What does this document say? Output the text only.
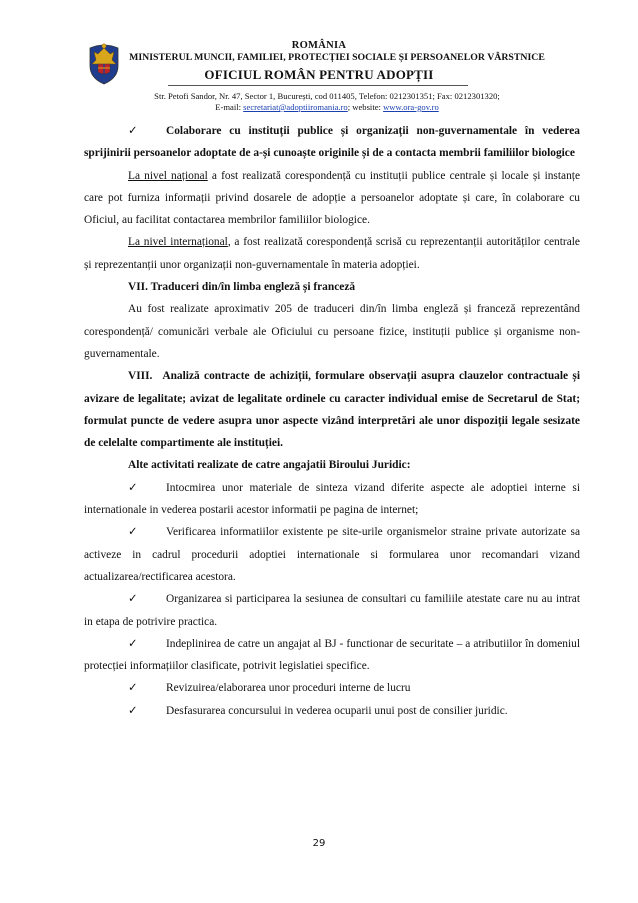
ROMÂNIA
MINISTERUL MUNCII, FAMILIEI, PROTECȚIEI SOCIALE ȘI PERSOANELOR VÂRSTNICE
OFICIUL ROMÂN PENTRU ADOPȚII
Str. Petofi Sandor, Nr. 47, Sector 1, București, cod 011405, Telefon: 0212301351; Fax: 0212301320;
E-mail: secretariat@adoptiiromania.ro; website: www.ora-gov.ro

✓ Colaborare cu instituții publice și organizații non-guvernamentale în vederea sprijinirii persoanelor adoptate de a-și cunoaște originile și de a contacta membrii familiilor biologice

La nivel național a fost realizată corespondență cu instituții publice centrale și locale și instanțe care pot furniza informații privind dosarele de adopție a persoanelor adoptate și care, în colaborare cu Oficiul, au facilitat contactarea membrilor familiilor biologice.

La nivel internațional, a fost realizată corespondență scrisă cu reprezentanții autorităților centrale și reprezentanții unor organizații non-guvernamentale în materia adopției.

VII. Traduceri din/în limba engleză și franceză

Au fost realizate aproximativ 205 de traduceri din/în limba engleză și franceză reprezentând corespondență/ comunicări verbale ale Oficiului cu persoane fizice, instituții publice și organisme non-guvernamentale.

VIII. Analiză contracte de achiziții, formulare observații asupra clauzelor contractuale și avizare de legalitate; avizat de legalitate ordinele cu caracter individual emise de Secretarul de Stat; formulat puncte de vedere asupra unor aspecte vizând interpretări ale unor dispoziții legale sesizate de celelalte compartimente ale instituției.

Alte activitati realizate de catre angajatii Biroului Juridic:

✓ Intocmirea unor materiale de sinteza vizand diferite aspecte ale adoptiei interne si internationale in vederea postarii acestor informatii pe pagina de internet;

✓ Verificarea informatiilor existente pe site-urile organismelor straine private autorizate sa activeze in cadrul procedurii adoptiei internationale si formularea unor recomandari vizand actualizarea/rectificarea acestora.

✓ Organizarea si participarea la sesiunea de consultari cu familiile atestate care nu au intrat in etapa de potrivire practica.

✓ Indeplinirea de catre un angajat al BJ - functionar de securitate – a atributiilor în domeniul protecției informațiilor clasificate, potrivit legislatiei specifice.

✓ Revizuirea/elaborarea unor proceduri interne de lucru

✓ Desfasurarea concursului in vederea ocuparii unui post de consilier juridic.

29
